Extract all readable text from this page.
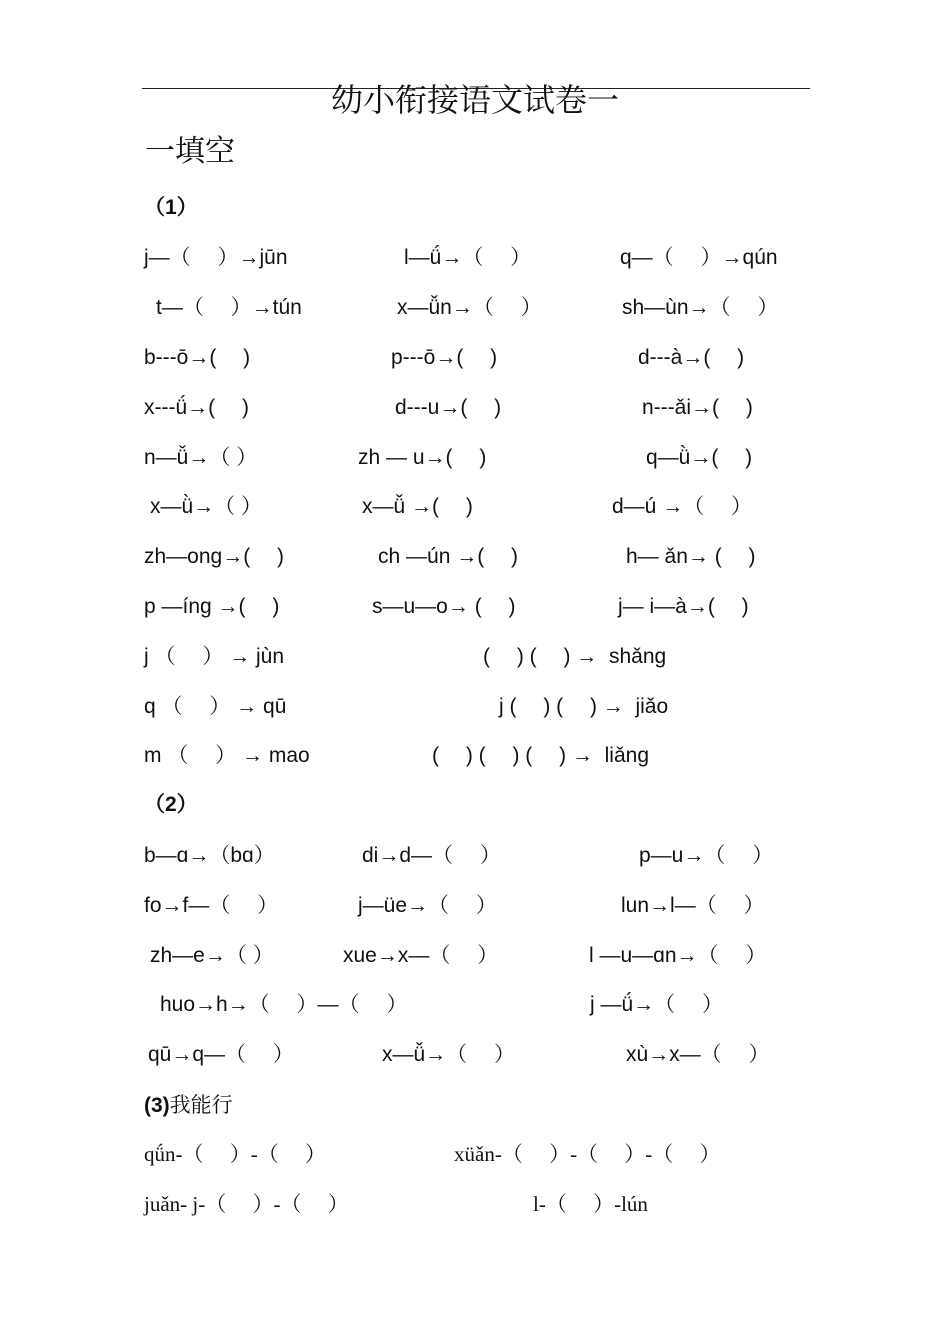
幼小衔接语文试卷一
一填空
（1）
j—（　 ）→jūn	l—ǘ→（　 ）	q—（　 ）→qún
t—（　 ）→tún	x—ǚn→（　 ）	sh—ùn→（　 ）
b---ō→(　 )	p---ō→(　 )	d---à→(　 )
x---ǘ→(　 )	d---u→(　 )	n---ǎi→(　 )
n—ǚ→（ ）	zh — u→(　 )	q—ǜ→(　 )
x—ǜ→（ ）	x—ǚ →(　 )	d—ú →（　 ）
zh—ong→(　 )	ch —ún →(　 )	h— ǎn→ (　 )
p —íng →(　 )	s—u—o→ (　 )	j— i—à→(　 )
j （　 ） → jùn	(　 ) (　 ) →  shǎng
q （　 ） → qū	j (　 ) (　 ) →  jiǎo
m （　 ） → mao	(　 ) (　 ) (　 ) →  liǎng
（2）
b—ɑ→（bɑ）	di→d—（　 ）	p—u→（　 ）
fo→f—（　 ）	j—üe→（　 ）	lun→l—（　 ）
zh—e→（ ）	xue→x—（　 ）	l —u—ɑn→（　 ）
huo→h→（　 ）—（　 ）	j —ǘ→（　 ）
qū→q—（　 ）	x—ǚ→（　 ）	xù→x—（　 ）
(3)我能行
qǘn-（　 ）-（　 ）	xüǎn-（　 ）-（　 ）-（　 ）
juǎn- j-（　 ）-（　 ）	l-（　 ）-lún
